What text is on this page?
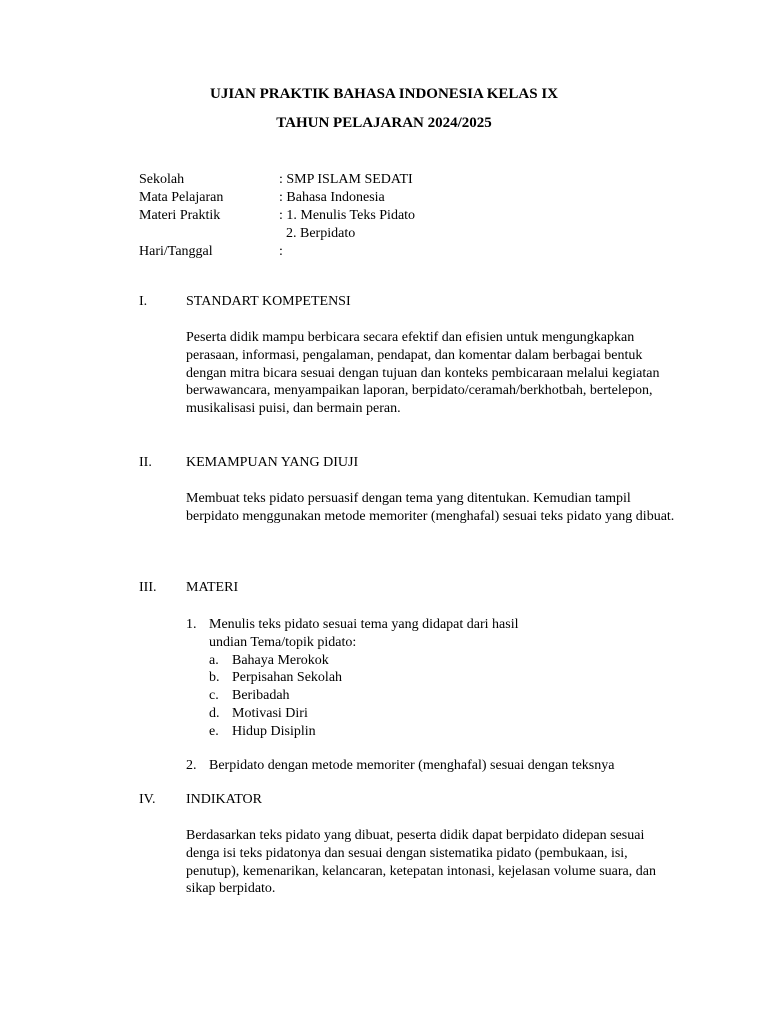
UJIAN PRAKTIK BAHASA INDONESIA KELAS IX
TAHUN PELAJARAN 2024/2025
Sekolah	: SMP ISLAM SEDATI
Mata Pelajaran	: Bahasa Indonesia
Materi Praktik	: 1. Menulis Teks Pidato
2. Berpidato
Hari/Tanggal	:
I.	STANDART KOMPETENSI

Peserta didik mampu berbicara secara efektif dan efisien untuk mengungkapkan perasaan, informasi, pengalaman, pendapat, dan komentar dalam berbagai bentuk dengan mitra bicara sesuai dengan tujuan dan konteks pembicaraan melalui kegiatan berwawancara, menyampaikan laporan, berpidato/ceramah/berkhotbah, bertelepon, musikalisasi puisi, dan bermain peran.

II. KEMAMPUAN YANG DIUJI

Membuat teks pidato persuasif dengan tema yang ditentukan. Kemudian tampil berpidato menggunakan metode memoriter (menghafal) sesuai teks pidato yang dibuat.

III. MATERI
1. Menulis teks pidato sesuai tema yang didapat dari hasil
undian Tema/topik pidato:
a. Bahaya Merokok
b. Perpisahan Sekolah
c. Beribadah
d. Motivasi Diri
e. Hidup Disiplin
2. Berpidato dengan metode memoriter (menghafal) sesuai dengan teksnya
IV. INDIKATOR

Berdasarkan teks pidato yang dibuat, peserta didik dapat berpidato didepan sesuai denga isi teks pidatonya dan sesuai dengan sistematika pidato (pembukaan, isi, penutup), kemenarikan, kelancaran, ketepatan intonasi, kejelasan volume suara, dan sikap berpidato.
